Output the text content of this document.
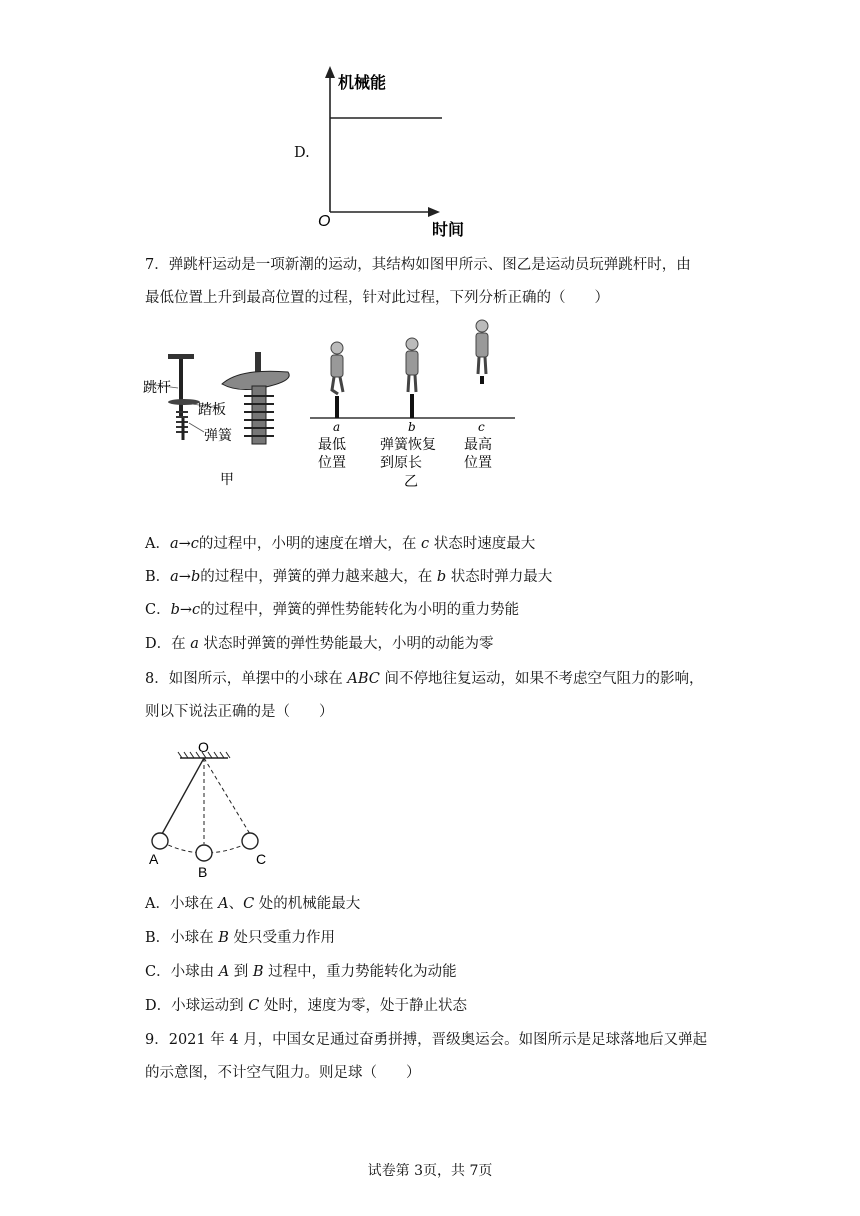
D.
机械能
O
时间
7．弹跳杆运动是一项新潮的运动，其结构如图甲所示、图乙是运动员玩弹跳杆时，由
最低位置上升到最高位置的过程，针对此过程，下列分析正确的（　　）
跳杆
踏板
弹簧
甲
a
最低
位置
b
弹簧恢复
到原长
c
最高
位置
乙
A．a→c的过程中，小明的速度在增大，在 c 状态时速度最大
B．a→b的过程中，弹簧的弹力越来越大，在 b 状态时弹力最大
C．b→c的过程中，弹簧的弹性势能转化为小明的重力势能
D．在 a 状态时弹簧的弹性势能最大，小明的动能为零
8．如图所示，单摆中的小球在 ABC 间不停地往复运动，如果不考虑空气阻力的影响，
则以下说法正确的是（　　）
O
A
B
C
A．小球在 A、C 处的机械能最大
B．小球在 B 处只受重力作用
C．小球由 A 到 B 过程中，重力势能转化为动能
D．小球运动到 C 处时，速度为零，处于静止状态
9．2021 年 4 月，中国女足通过奋勇拼搏，晋级奥运会。如图所示是足球落地后又弹起
的示意图，不计空气阻力。则足球（　　）
试卷第 3页，共 7页
